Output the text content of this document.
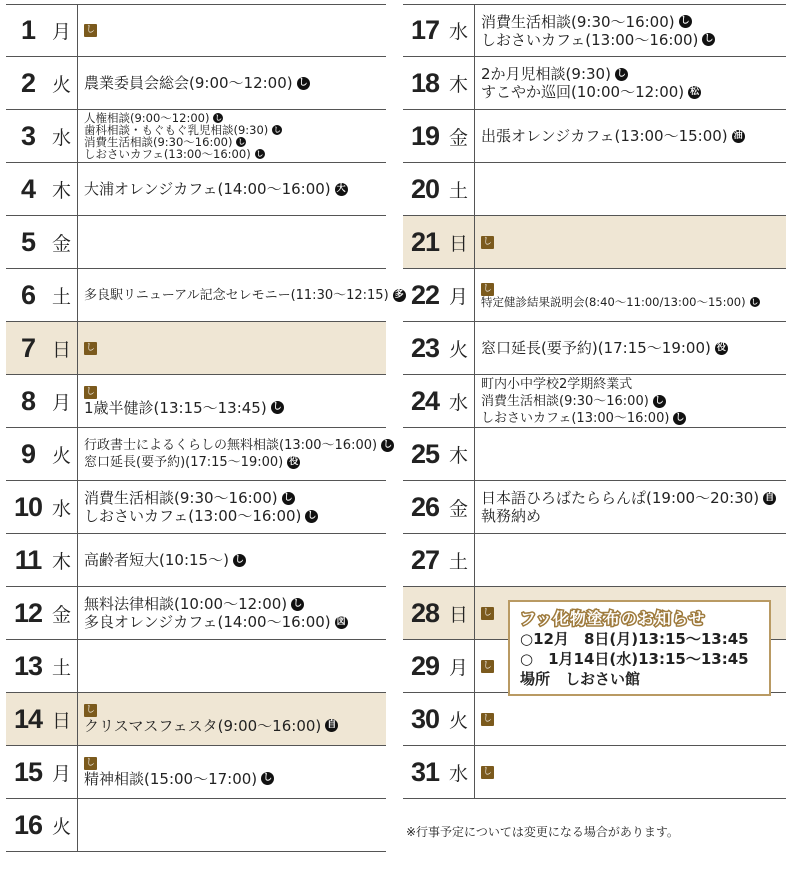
1 月 し
2 火 農業委員会総会(9:00～12:00) し
3 水
人権相談(9:00～12:00) し
歯科相談・もぐもぐ乳児相談(9:30) し
消費生活相談(9:30～16:00) し
しおさいカフェ(13:00～16:00) し
4 木 大浦オレンジカフェ(14:00～16:00) 大
5 金
6 土 多良駅リニューアル記念セレモニー(11:30～12:15) 多
7 日 し
8 月 し
1歳半健診(13:15～13:45) し
9 火 行政書士によるくらしの無料相談(13:00～16:00) し
窓口延長(要予約)(17:15～19:00) 役
10 水 消費生活相談(9:30～16:00) し
しおさいカフェ(13:00～16:00) し
11 木 高齢者短大(10:15～) し
12 金 無料法律相談(10:00～12:00) し
多良オレンジカフェ(14:00～16:00) 図
13 土
14 日 し
クリスマスフェスタ(9:00～16:00) 自
15 月 し
精神相談(15:00～17:00) し
16 火
17 水 消費生活相談(9:30～16:00) し
しおさいカフェ(13:00～16:00) し
18 木 2か月児相談(9:30) し
すこやか巡回(10:00～12:00) 松
19 金 出張オレンジカフェ(13:00～15:00) 油
20 土
21 日 し
22 月 し
特定健診結果説明会(8:40～11:00/13:00～15:00) し
23 火 窓口延長(要予約)(17:15～19:00) 役
24 水
町内小中学校2学期終業式
消費生活相談(9:30～16:00) し
しおさいカフェ(13:00～16:00) し
25 木
26 金 日本語ひろばたららんぱ(19:00～20:30) 自
執務納め
27 土
28 日 し
29 月 し
30 火 し
31 水 し
※行事予定については変更になる場合があります。
フッ化物塗布のお知らせ
○12月　8日(月)13:15～13:45
○　1月14日(水)13:15～13:45
場所　しおさい館
